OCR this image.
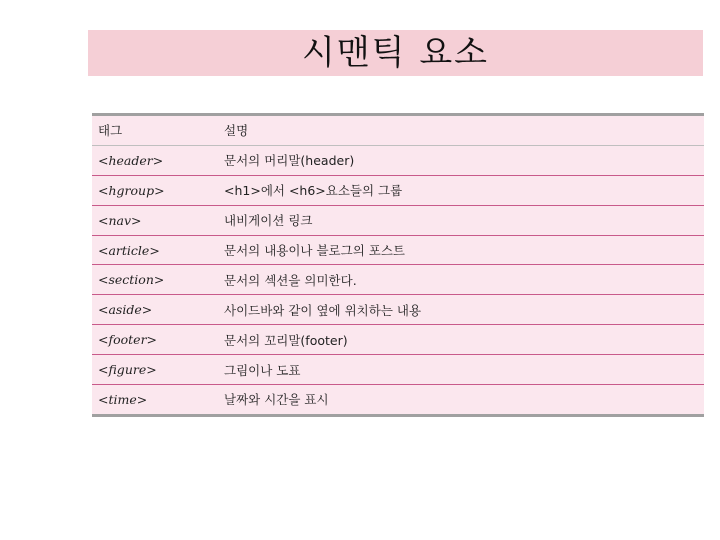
시맨틱 요소
태그	설명
<header>	문서의 머리말(header)
<hgroup>	<h1>에서 <h6>요소들의 그룹
<nav>	내비게이션 링크
<article>	문서의 내용이나 블로그의 포스트
<section>	문서의 섹션을 의미한다.
<aside>	사이드바와 같이 옆에 위치하는 내용
<footer>	문서의 꼬리말(footer)
<figure>	그림이나 도표
<time>	날짜와 시간을 표시
